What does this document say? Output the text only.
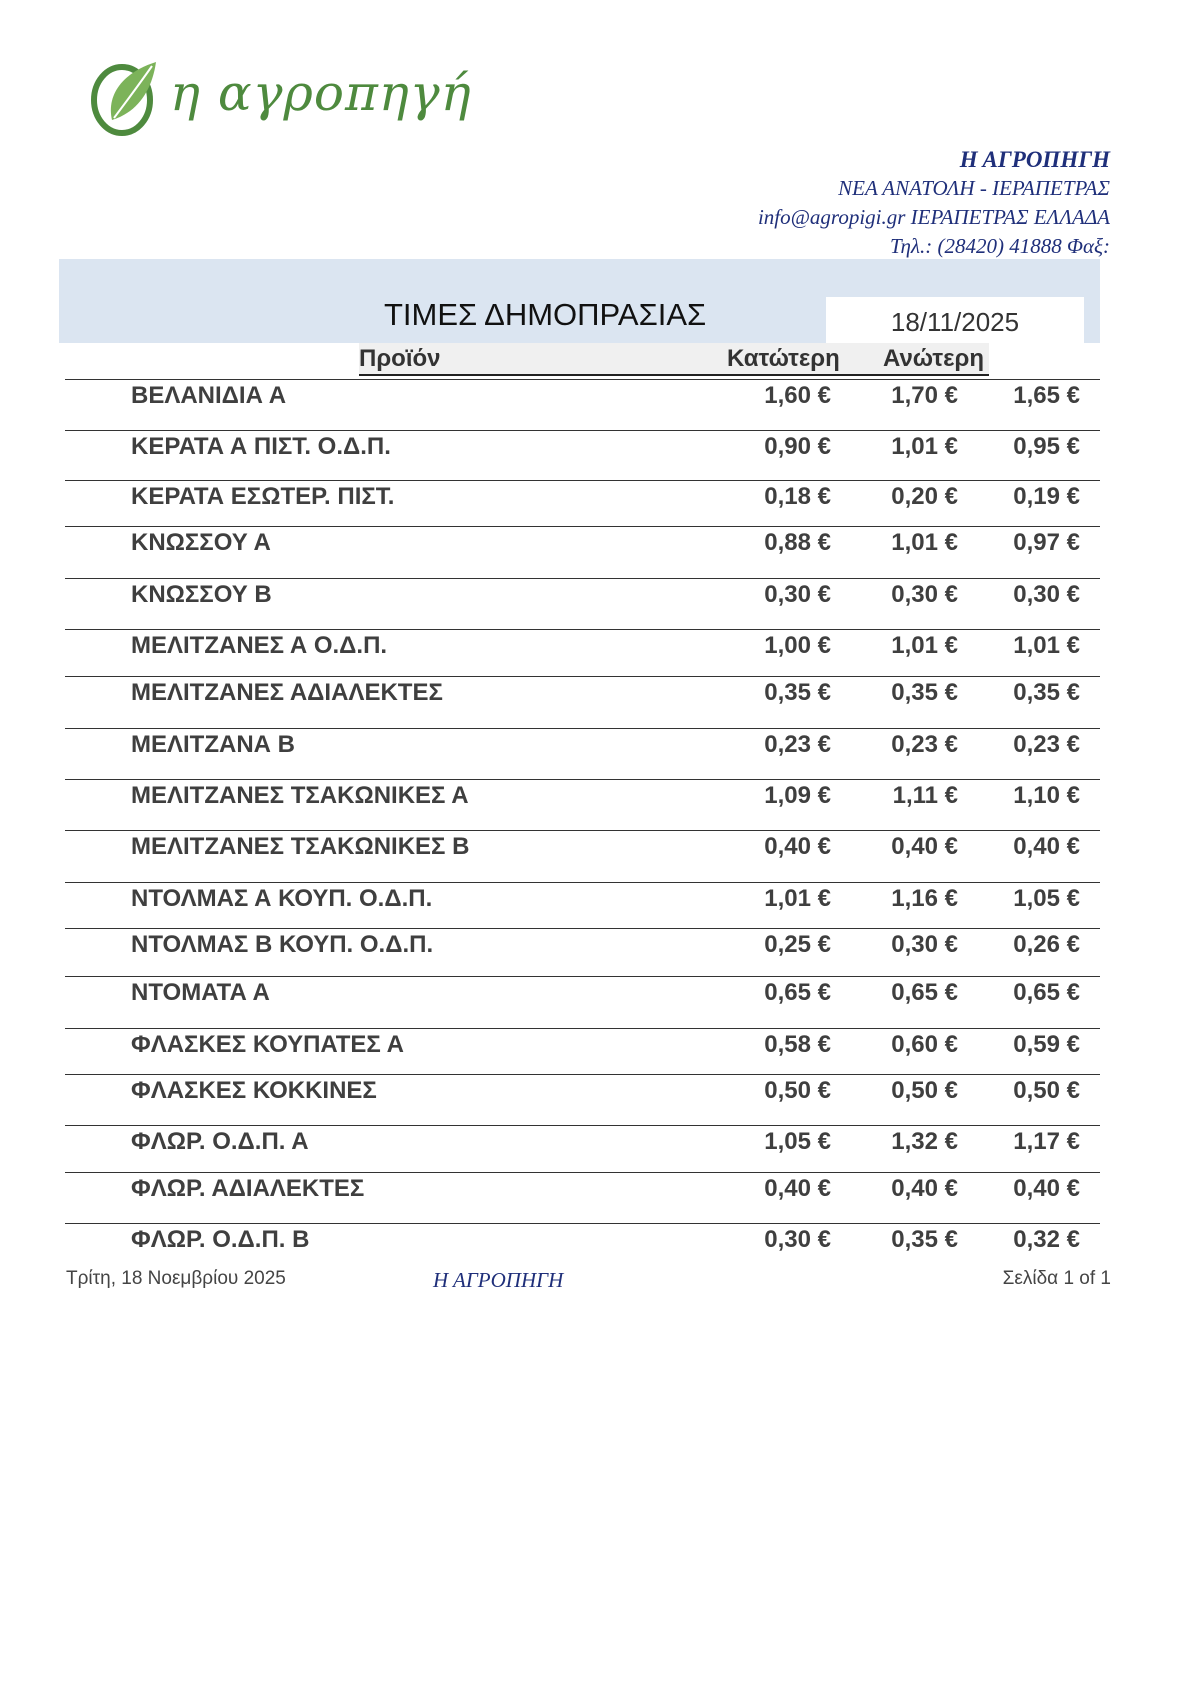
η αγροπηγή
Η ΑΓΡΟΠΗΓΗ
ΝΕΑ ΑΝΑΤΟΛΗ - ΙΕΡΑΠΕΤΡΑΣ
info@agropigi.gr ΙΕΡΑΠΕΤΡΑΣ ΕΛΛΑΔΑ
Τηλ.: (28420) 41888 Φαξ:
ΤΙΜΕΣ ΔΗΜΟΠΡΑΣΙΑΣ	18/11/2025
Προϊόν	Κατώτερη Ανώτερη
ΒΕΛΑΝΙΔΙΑ Α	1,60 €	1,70 € 1,65 €
ΚΕΡΑΤΑ Α ΠΙΣΤ. Ο.Δ.Π.	0,90 €	1,01 € 0,95 €
ΚΕΡΑΤΑ ΕΣΩΤΕΡ. ΠΙΣΤ.	0,18 €	0,20 € 0,19 €
ΚΝΩΣΣΟΥ Α	0,88 €	1,01 € 0,97 €
ΚΝΩΣΣΟΥ Β	0,30 €	0,30 € 0,30 €
ΜΕΛΙΤΖΑΝΕΣ Α Ο.Δ.Π.	1,00 €	1,01 € 1,01 €
ΜΕΛΙΤΖΑΝΕΣ ΑΔΙΑΛΕΚΤΕΣ	0,35 €	0,35 € 0,35 €
ΜΕΛΙΤΖΑΝΑ Β	0,23 €	0,23 € 0,23 €
ΜΕΛΙΤΖΑΝΕΣ ΤΣΑΚΩΝΙΚΕΣ Α	1,09 €	1,11 € 1,10 €
ΜΕΛΙΤΖΑΝΕΣ ΤΣΑΚΩΝΙΚΕΣ Β	0,40 €	0,40 € 0,40 €
ΝΤΟΛΜΑΣ Α ΚΟΥΠ. Ο.Δ.Π.	1,01 €	1,16 € 1,05 €
ΝΤΟΛΜΑΣ Β ΚΟΥΠ. Ο.Δ.Π.	0,25 €	0,30 € 0,26 €
ΝΤΟΜΑΤΑ Α	0,65 €	0,65 € 0,65 €
ΦΛΑΣΚΕΣ ΚΟΥΠΑΤΕΣ Α	0,58 €	0,60 € 0,59 €
ΦΛΑΣΚΕΣ ΚΟΚΚΙΝΕΣ	0,50 €	0,50 € 0,50 €
ΦΛΩΡ. Ο.Δ.Π. Α	1,05 €	1,32 € 1,17 €
ΦΛΩΡ. ΑΔΙΑΛΕΚΤΕΣ	0,40 €	0,40 € 0,40 €
ΦΛΩΡ. Ο.Δ.Π. Β	0,30 €	0,35 € 0,32 €
Τρίτη, 18 Νοεμβρίου 2025	Η ΑΓΡΟΠΗΓΗ	Σελίδα 1 of 1
